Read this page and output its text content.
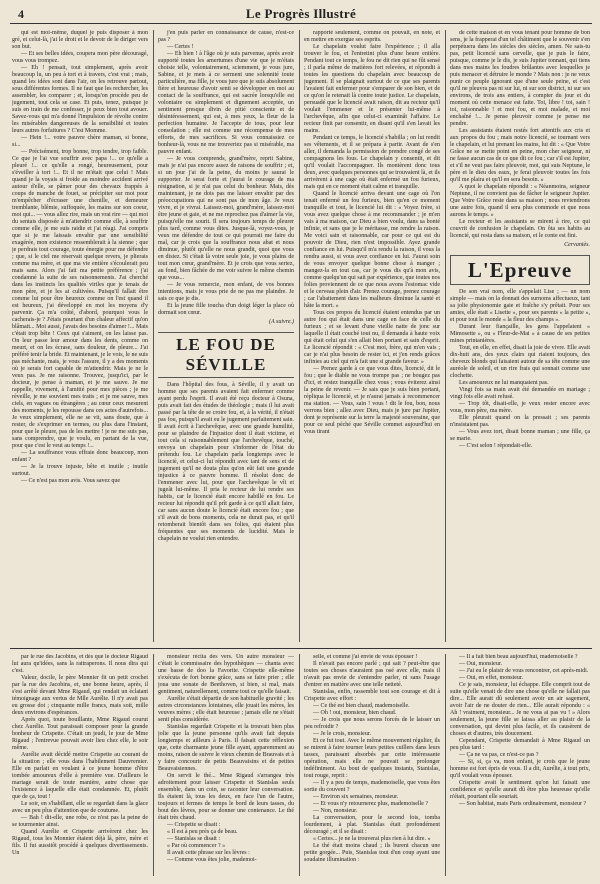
4	Le Progrès Illustré

qui est moi-même, duquel je puis disposer à mon gré, et celui-là, j'ai le droit et le devoir de le diriger vers son but.

— Et ses belles idées, coupera mon père découragé, vous vous trompez.

— Eh ! pensait, tout simplement, après avoir beaucoup lu, un peu à tort et à travers, c'est vrai ; mais, quand les idées sont dans l'air, on les retrouve partout, sous différentes formes. Il ne faut que les rechercher, les assembler, les comparer ; et, lorsqu'on procède peu de jugement, tout cela se case. Et puis, tenez, puisque je suis en train de me confesser, je peux bien tout avouer. Savez-vous qui m'a donné l'impulsion de révolte contre les misérables dangereuses de la sensibilité et toutes leurs autres forfaitures ? C'est Momme.

— Hein !... votre pauvre chère maman, si bonne, si...

— Précisément, trop bonne, trop tendre, trop faible. Ce que je l'ai vue souffrir avec papa !... ce qu'elle a pleuré !... ce qu'elle a rongé, heureusement, pour s'éveiller à tort !... Et il ne m'était que celui ! Mais quand je la voyais si froide au moindre accident arrivé autour d'elle, se pâmer pour des chevaux frappés à coups de manche de fouet, se précipiter sur moi pour m'empêcher d'écraser une chenille, et demeurer tremblante, blêmie, suffoquée, les mains sur son coeur, moi qui... — vous allez rire, mais un vrai rire — qui moi du sentais disposée à m'attendrir comme elle, à souffrir comme elle, je me suis raidie et j'ai réagi. J'ai compris que si je me laissais envahir par une sensibilité exagérée, mon existence ressemblerait à la sienne ; que je perdrais tout courage, toute énergie pour me défendre ; que, si le ciel me réservait quelque revers, je plierais comme ma mère, et que ma vie entière s'écoulerait peu mais sans. Alors j'ai fait ma petite préférence ; j'ai condamné la suite de ses raisonnements. J'ai cherché dans les instincts les qualités viriles que je tenais de mon père, et je les ai cultivées. Puisqu'il fallait être comme lui pour être heureux comme on l'est quand il est heureux, j'ai développé en moi les moyens d'y parvenir. Ça m'a coûté, d'abord, pourquoi vous le cacherais-je ? J'étais pourtant d'un chaleur affectif qu'on blâmait... Moi aussi, j'avais des besoins d'aimer !... Mais c'était trop bête ! Ceux qui s'aiment, on les laisse pas. On leur passe leur amour dans les dents, comme on meurt, et on les écrase, sans douleur, de pleure... J'ai préféré tenir la bride. Et maintenant, je le vois, le ne suis pas méchante, mais, je vous l'assure, il y a des moments où je serais fort capable de m'attendrir. Mais je ne le veux pas. Je me raisonne. Trouvez, jusqu'ici, par le docteur, je pense à maman, et je me sauve. Je me rappelle, vivement, à l'amitié pour mes pièces ; je me réveille, je me souvient mes traits ; et je me sauve, mes ciels, en vagues ou étrangères ; au cœur ceux mesurent des moments, je les repousse dans ces actes d'autrefois... Je veux simplement, elle ne se vit, sans doute, que à rester, de s'exprimer en termes, ou plus dans l'instant, pour que le pleure, pas de les mettre ! je ne me suis pas, sans comprendre, que je voulu, en partant de la vue, pour que c'est le veut au temps !...

— La souffrance vous effraie donc beaucoup, mon enfant ?

— Je la trouve injuste, bête et inutile ; inutile surtout.

— Ce n'est pas mon avis. Vous savez que

j'en puis parler en connaissance de cause, n'est-ce pas ?

— Certes !

— Eh bien ! à l'âge où je suis parvenue, après avoir supporté toutes les amertumes d'une vie que je m'étais choisie telle, volontairement, sciemment, je vous jure, Sabine, et je mets à ce serment une solennité toute particulière, ma fille, je vous jure que je suis absolument fière et heureuse d'avoir senti se développer en moi au contact de la souffrance, qui est sacrée lorsqu'elle est volontaire ou simplement et dignement acceptée, un sentiment presque divin de pitié consciente et de désintéressement, qui est, à mes yeux, la fleur de la perfection humaine. Je l'accepte de tous, pour leur consolation ; elle est comme une récompense de mes efforts, de mes sacrifices. Si vous connaissiez ce bonheur-là, vous ne me trouveriez pas si misérable, ma pauvre enfant.

— Je vous comprends, grand'mère, reprit Sabine, mais je n'ai pas encore assez de raisons de souffrir ; et, si un jour j'ai de la peine, du moins je saurai le supporter. Je serai forte et j'aurai le courage de ma résignation, si je n'ai pas celui du bonheur. Mais, dès maintenant, je ne dois pas me laisser envahir par des préoccupations qui ne sont pas de mon âge. Je veux vivre, et je vivrai. Laissez-moi, grand'mère, laissez-moi être jeune et gaie, et ne me reprochez pas d'aimer la vie, puisqu'elle me sourit. Il sera toujours temps de pleurer plus tard, comme vous dites. Jusque-là, voyez-vous, je veux me défendre de tout ce qui pourrait me faire du mal, car je crois que la souffrance nous abat et nous diminue, plutôt qu'elle ne nous grandit, quoi que vous en disiez. Si c'était là votre seule joie, je vous plains de tout mon cœur, grand'mère. Et je crois que vous seriez, au fond, bien fâchée de me voir suivre le même chemin que vous...

— Je vous remercie, mon enfant, de vos bonnes intentions, mais je vous prie de ne pas me plaindre. Je sais ce que je dis.

Et la jeune fille toucha d'un doigt léger la place où dormait son cœur.

(A suivre.)
LE FOU DE SÉVILLE

Dans l'hôpital des fous, à Séville, il y avait un homme que ses parents avaient fait enfermer comme ayant perdu l'esprit. Il avait été reçu docteur à Osuna, puis avait fait des études de théologie ; mais il lui avait passé par la tête de se croire fou, et, à la vérité, il n'était pas fou, puisqu'il avait eu le jugement parfaitement sain. Il avait écrit à l'archevêque, avec une grande humilité, pour se plaindre de l'injustice dont il était victime, et tout cela si raisonnablement que l'archevêque, touché, envoya un chapelain pour s'informer de l'état du prétendu fou. Le chapelain parla longtemps avec le licencié, et celui-ci lui répondit avec tant de sens et de jugement qu'il ne douta plus qu'on eût fait une grande injustice à ce pauvre homme. Il résolut donc de l'emmener avec lui, pour que l'archevêque le vît et jugeât lui-même. Il pria le recteur de lui rendre ses habits, car le licencié était encore habillé en fou. Le recteur lui répondit qu'il prît garde à ce qu'il allait faire, car sans aucun doute le licencié était encore fou ; que s'il avait de bons moments, cela ne durait pas, et qu'il retomberait bientôt dans ses folies, qui étaient plus fréquentes que ses moments de lucidité. Mais le chapelain ne voulut rien entendre.

rapporté seulement, comme on pouvait, en note, et en mettre en exergue ses esprits.

Le chapelain voulut faire l'expérience ; il alla trouver le fou, et l'entretint plus d'une heure entière. Pendant tout ce temps, le fou ne dit rien qui ne fût sensé ; il parla même de matières fort relevées, et répondit à toutes les questions du chapelain avec beaucoup de jugement. Il se plaignait surtout de ce que ses parents l'avaient fait enfermer pour s'emparer de son bien, et de ce qu'on le retenait là contre toute justice. Le chapelain, persuadé que le licencié avait raison, dit au recteur qu'il voulait l'emmener et le présenter lui-même à l'archevêque, afin que celui-ci examinât l'affaire. Le recteur finit par consentir, en disant qu'il s'en lavait les mains.

Pendant ce temps, le licencié s'habilla ; on lui rendit ses vêtements, et il se prépara à partir. Avant de s'en aller, il demanda la permission de prendre congé de ses compagnons les fous. Le chapelain y consentit, et dit qu'il voulait l'accompagner. Ils montèrent donc tous deux, avec quelques personnes qui se trouvaient là, et ils arrivèrent à une cage où était enfermé un fou furieux, mais qui en ce moment était calme et tranquille.

Quand le licencié arriva devant une cage où l'on tenait enfermé un fou furieux, bien qu'en ce moment tranquille et tout, le licencié lui dit : « Voyez frère, si vous avez quelque chose à me recommander ; je m'en vais à ma maison, car Dieu a bien voulu, dans sa bonté infinie, et sans que je le méritasse, me rendre la raison. Me voici sain et raisonnable, car pour ce qui est du pouvoir de Dieu, rien n'est impossible. Ayez grande confiance en lui. Puisqu'il m'a rendu la raison, il vous la rendra aussi, si vous avez confiance en lui. J'aurai soin de vous envoyer quelque bonne chose à manger ; mangez-la en tout cas, car je vous dis qu'à mon avis, comme quelqu'un qui sait par expérience, que toutes nos folies proviennent de ce que nous avons l'estomac vide et le cerveau plein d'air. Prenez courage, prenez courage ; car l'abattement dans les malheurs diminue la santé et hâte la mort. »

Tous ces propos du licencié étaient entendus par un autre fou qui était dans une cage en face de celle du furieux ; et se levant d'une vieille natte de jonc sur laquelle il était couché tout nu, il demanda à haute voix qui était celui qui s'en allait bien portant et sain d'esprit. Le licencié répondit : « C'est moi, frère, qui m'en vais ; car je n'ai plus besoin de rester ici, et j'en rends grâces infinies au ciel qui m'a fait une si grande faveur. »

— Prenez garde à ce que vous dites, licencié, dit le fou ; que le diable ne vous trompe pas ; ne bougez pas d'ici, et restez tranquille chez vous ; vous éviterez ainsi la peine de revenir. — Je sais que je suis bien portant, répliqua le licencié, et je n'aurai jamais à recommencer ma station. — Vous, sain ! vous ! dit le fou, bon, nous verrons bien ; allez avec Dieu, mais je jure par Jupiter, dont je représente sur la terre la majesté souveraine, que pour ce seul péché que Séville commet aujourd'hui en vous tirant

de cette maison et en vous tenant pour homme de bon sens, je la frapperai d'un tel châtiment que le souvenir s'en perpétuera dans les siècles des siècles, amen. Ne sais-tu pas, petit licencié sans cervelle, que je puis le faire, puisque, comme je le dis, je suis Jupiter tonnant, qui tiens dans mes mains les foudres brûlantes avec lesquelles je puis menacer et détruire le monde ? Mais non : je ne veux punir ce peuple ignorant que d'une seule peine, et c'est qu'il ne pleuvra pas ni sur lui, ni sur son district, ni sur ses environs, de trois ans entiers, à compter du jour et du moment où cette menace est faite. Toi, libre ! toi, sain ! toi, raisonnable ! et moi fou, et moi malade, et moi enchaîné !... Je pense pleuvoir comme je pense me pendre.

Les assistants étaient restés fort attentifs aux cris et aux propos du fou ; mais notre licencié, se tournant vers le chapelain, et lui prenant les mains, lui dit : « Que Votre Grâce ne se mette point en peine, mon cher seigneur, ni ne fasse aucun cas de ce que dit ce fou ; car s'il est Jupiter, et s'il ne veut pas faire pleuvoir, moi, qui suis Neptune, le père et le dieu des eaux, je ferai pleuvoir toutes les fois qu'il me plaira et qu'il en sera besoin. »

A quoi le chapelain répondit : « Néanmoins, seigneur Neptune, il ne convient pas de fâcher le seigneur Jupiter. Que Votre Grâce reste dans sa maison ; nous reviendrons une autre fois, quand il sera plus commode et que nous aurons le temps. »

Le recteur et les assistants se mirent à rire, ce qui couvrit de confusion le chapelain. On ôta ses habits au licencié, qui resta dans sa maison, et le conte est fini.

Cervantès.
L'Epreuve

De son vrai nom, elle s'appelait Lise ; — un nom simple — mais on la donnait des surnoms affectueux, tant sa jolie physionomie gaie et fraîche s'y prêtait. Pour ses amies, elle était « Lisette », pour ses parents « la petite », et pour tout le monde « la fleur des champs ».

Durant leur fiançaille, les gens l'appelaient « Mimosette », ou « Fleur-de-Mai » à cause de ses petites mines printanières.

Tout, en elle, en effet, disait la joie de vivre. Elle avait dix-huit ans, des yeux clairs qui riaient toujours, des cheveux blonds qui faisaient autour de sa tête comme une auréole de soleil, et un rire frais qui sonnait comme une clochette.

Les amoureux ne lui manquaient pas.

Vingt fois sa main avait été demandée en mariage ; vingt fois elle avait refusé.

— Trop tôt, disait-elle, je veux rester encore avec vous, mon père, ma mère.

Elle pleurait quand on la pressait ; ses parents n'insistaient pas.

— Vous avez tort, disait bonne maman ; une fille, ça se marie.

— C'est selon ! répondait-elle.

par le rue des Jacobins, et dès que le docteur Rigaud lui aura qu'idées, sans la rattraperons. Il nous dira qui c'est.

Valeur, docile, le père Monnier fit un petit crochet par la rue des Jacobins, et, une bonne heure, après, il s'est arrêté devant Mme Rigaud, qui rendait un éclatant témoignage aux vertus de Mlle Aurélie. Il n'y avait pas eu grosse dot ; cinquante mille francs, mais soit, mille deux environs d'espérances.

Après quoi, toute bouillante, Mme Rigaud courut chez Aurélie. Tout paraissait composer pour la grande bonheur de Crispette. C'était un jeudi, le jour de Mme Rigaud ; l'entrevue pouvait avoir lieu chez elle, le soir même.

Aurélie avait décidé mettre Crispette au courant de la situation ; elle vous dans l'habilement Dauvremier. Elle en parlait en voulant à ce jeune homme d'être tombée amoureux d'elle à première vue. D'ailleurs le mariage serait de toute manière, autre chose que l'existence à laquelle elle était condamnée. Et, plutôt que de ça, tout !

Le soir, en s'habillant, elle se regardait dans la glace avec un peu plus d'attention que de coutume.

— Bah ! dit-elle, une robe, ce n'est pas la peine de se tourmenter ainsi.

Quand Aurélie et Crispette arrivèrent chez les Rigaud, tous les Monnier étaient déjà là, père, mère et fils. Il fut aussitôt procédé à quelques divertissements. Un

monsieur récita des vers. Un autre monsieur — c'était le commissaire des hypothèques — chanta avec une basse de doo la Favorite. Crispette elle-même s'exécuta de fort bonne grâce, sans se faire prier ; elle joua une sonate de Beethoven, si bien, si mal, mais gentiment, naturellement, comme tout ce qu'elle faisait.

Aurélie s'était départie de son habituelle gravité ; les autres circonstances lointaines, elle jouait les mères, les veuves mères ; elle était heureuse ; jamais elle ne s'était senti plus considérée.

Stanislas regardait Crispette et la trouvait bien plus jolie que la jeune personne qu'ils avait fait depuis longtemps et ailleurs à Paris. Il faisait cette réflexion que, cette charmante jeune fille ayant, apparemment au moins, raison de suivre le vieux chemin de Brauvais et à y faire concourir de petits Beauvaisins et de petites Beauvaisiennes.

On servit le thé... Mme Rigaud s'arrangea très adroitement pour laisser Crispette et Stanislas seuls ensemble, dans un coin, se raconter leur conversation. Ils étaient là, tous les deux, en face l'un de l'autre, toujours et fermes de temps le bord de leurs tasses, du bout des lèvres, pour se donner une contenance. Le thé était très chaud.

— Crispette se disait :

« Il est à peu près ça de beau.

— Stanislas se disait :

« Par où commencer ? »

Il avait cette phrase sur les lèvres :

— Comme vous êtes jolie, mademoi-

selle, et comme j'ai envie de vous épouser !

Il n'avait pas encore parlé ; qui sait ? peut-être que toutes ses choses n'auraient pas osé avec elle, mais il n'avait pas envie de s'entendre parler, ni sans l'usage d'entrer en matière avec une telle netteté.

Stanislas, enfin, rassemble tout son courage et dit à Crispette avec effort :

— Ce thé est bien chaud, mademoiselle.

— Oh ! oui, monsieur, bien chaud.

— Je crois que nous serons forcés de le laisser un peu refroidir ?

— Je le crois, monsieur.

Et ce fut tout. Avec le même mouvement régulier, ils se mirent à faire tourner leurs petites cuillers dans leurs tasses, paraissant absorbés par cette intéressante opération, mais elle ne pouvait se prolonger indéfiniment. Au bout de quelques instants, Stanislas, tout rouge, reprit :

— Il y a peu de temps, mademoiselle, que vous êtes sortie du couvent ?

— Environ six semaines, monsieur.

— Et vous n'y retournerez plus, mademoiselle ?

— Non, monsieur.

La conversation, pour le second fois, tomba lourdement, à plat. Stanislas était profondément découragé ; et il se disait :

« Certes... je ne la trouverai plus rien à lui dire. »

Le thé était moins chaud ; ils burent chacun une petite gorgée... Puis, Stanislas tout d'un coup ayant une soudaine illumination :

— Il a fait bien beau aujourd'hui, mademoiselle ?

— Oui, monsieur.

— J'ai eu le plaisir de vous rencontrer, cet après-midi.

— Oui, en effet, monsieur.

Ce je sais, monsieur, lui échappe. Elle comprit tout de suite qu'elle venait de dire une chose qu'elle ne fallait pas dire... Elle aurait dû seulement avoir un air sagement, avoir l'air de ne douter de rien... Elle aurait répondu : « Ah ! vraiment, monsieur... Je ne vous ai pas vu ! » Alors seulement, la jeune fille se laissa aller au plaisir de la conversation, qui devint plus facile, et ils causèrent de choses et d'autres, très doucement.

Cependant, Crispette demandait à Mme Rigaud un peu plus tard :

— Ça ne va pas, ce n'est-ce pas ?

— Si, si, ça va, mon enfant, je crois que le jeune homme est fort épris de vous. Il a dit, Aurélie, à tout prix, qu'il voulait vous épouser.

Crispette avait le sentiment qu'on lui faisait une confidence et qu'elle aurait dû être plus heureuse qu'elle n'était, pourtant elle souriait.

— Son habitat, mais Paris ordinairement, monsieur ?
